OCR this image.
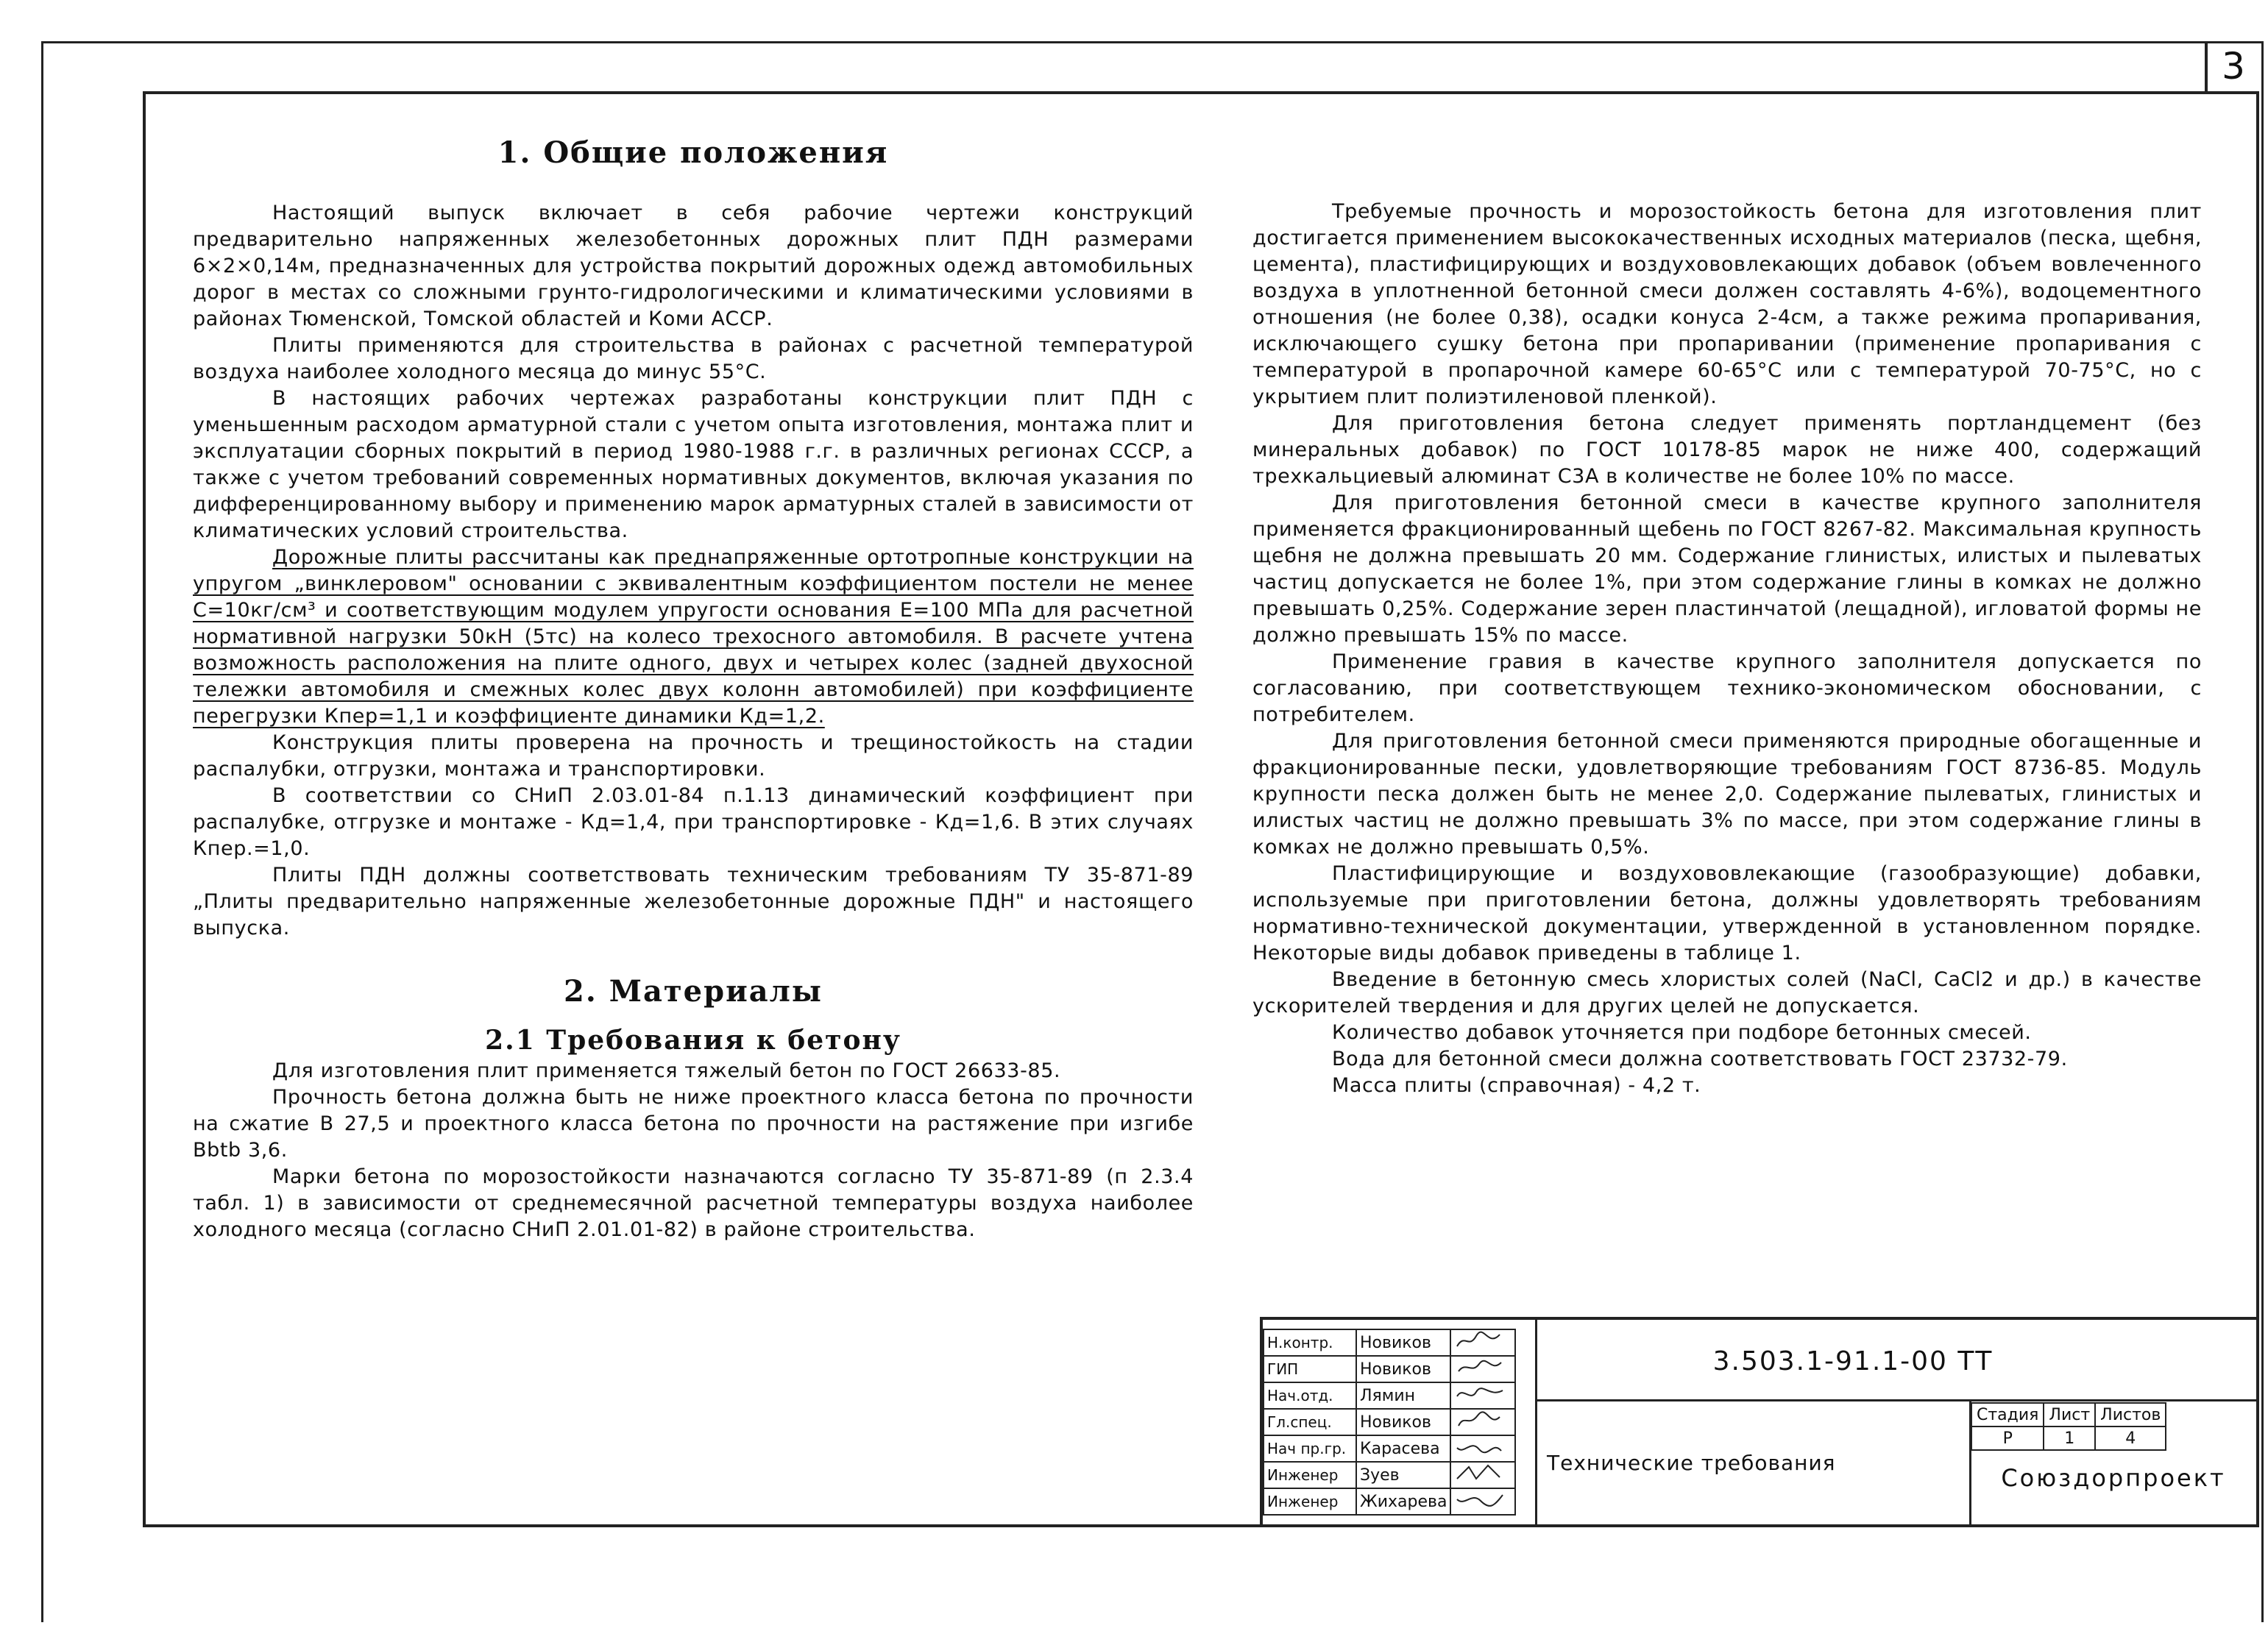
3
1. Общие положения

Настоящий выпуск включает в себя рабочие чертежи конструкций предварительно напряженных железобетонных дорожных плит ПДН размерами 6×2×0,14м, предназначенных для устройства покрытий дорожных одежд автомобильных дорог в местах со сложными грунто-гидрологическими и климатическими условиями в районах Тюменской, Томской областей и Коми АССР.

Плиты применяются для строительства в районах с расчетной температурой воздуха наиболее холодного месяца до минус 55°С.

В настоящих рабочих чертежах разработаны конструкции плит ПДН с уменьшенным расходом арматурной стали с учетом опыта изготовления, монтажа плит и эксплуатации сборных покрытий в период 1980-1988 г.г. в различных регионах СССР, а также с учетом требований современных нормативных документов, включая указания по дифференцированному выбору и применению марок арматурных сталей в зависимости от климатических условий строительства.

Дорожные плиты рассчитаны как преднапряженные ортотропные конструкции на упругом „винклеровом" основании с эквивалентным коэффициентом постели не менее С=10кг/см³ и соответствующим модулем упругости основания Е=100 МПа для расчетной нормативной нагрузки 50кН (5тс) на колесо трехосного автомобиля. В расчете учтена возможность расположения на плите одного, двух и четырех колес (задней двухосной тележки автомобиля и смежных колес двух колонн автомобилей) при коэффициенте перегрузки Кпер=1,1 и коэффициенте динамики Кд=1,2.

Конструкция плиты проверена на прочность и трещиностойкость на стадии распалубки, отгрузки, монтажа и транспортировки.

В соответствии со СНиП 2.03.01-84 п.1.13 динамический коэффициент при распалубке, отгрузке и монтаже - Кд=1,4, при транспортировке - Кд=1,6. В этих случаях Кпер.=1,0.

Плиты ПДН должны соответствовать техническим требованиям ТУ 35-871-89 „Плиты предварительно напряженные железобетонные дорожные ПДН" и настоящего выпуска.

2. Материалы
2.1 Требования к бетону

Для изготовления плит применяется тяжелый бетон по ГОСТ 26633-85.

Прочность бетона должна быть не ниже проектного класса бетона по прочности на сжатие В 27,5 и проектного класса бетона по прочности на растяжение при изгибе Вbtb 3,6.

Марки бетона по морозостойкости назначаются согласно ТУ 35-871-89 (п 2.3.4 табл. 1) в зависимости от среднемесячной расчетной температуры воздуха наиболее холодного месяца (согласно СНиП 2.01.01-82) в районе строительства.

Требуемые прочность и морозостойкость бетона для изготовления плит достигается применением высококачественных исходных материалов (песка, щебня, цемента), пластифицирующих и воздухововлекающих добавок (объем вовлеченного воздуха в уплотненной бетонной смеси должен составлять 4-6%), водоцементного отношения (не более 0,38), осадки конуса 2-4см, а также режима пропаривания, исключающего сушку бетона при пропаривании (применение пропаривания с температурой в пропарочной камере 60-65°С или с температурой 70-75°С, но с укрытием плит полиэтиленовой пленкой).

Для приготовления бетона следует применять портландцемент (без минеральных добавок) по ГОСТ 10178-85 марок не ниже 400, содержащий трехкальциевый алюминат С3А в количестве не более 10% по массе.

Для приготовления бетонной смеси в качестве крупного заполнителя применяется фракционированный щебень по ГОСТ 8267-82. Максимальная крупность щебня не должна превышать 20 мм. Содержание глинистых, илистых и пылеватых частиц допускается не более 1%, при этом содержание глины в комках не должно превышать 0,25%. Содержание зерен пластинчатой (лещадной), игловатой формы не должно превышать 15% по массе.

Применение гравия в качестве крупного заполнителя допускается по согласованию, при соответствующем технико-экономическом обосновании, с потребителем.

Для приготовления бетонной смеси применяются природные обогащенные и фракционированные пески, удовлетворяющие требованиям ГОСТ 8736-85. Модуль крупности песка должен быть не менее 2,0. Содержание пылеватых, глинистых и илистых частиц не должно превышать 3% по массе, при этом содержание глины в комках не должно превышать 0,5%.

Пластифицирующие и воздухововлекающие (газообразующие) добавки, используемые при приготовлении бетона, должны удовлетворять требованиям нормативно-технической документации, утвержденной в установленном порядке. Некоторые виды добавок приведены в таблице 1.

Введение в бетонную смесь хлористых солей (NaCl, CaCl2 и др.) в качестве ускорителей твердения и для других целей не допускается.

Количество добавок уточняется при подборе бетонных смесей.

Вода для бетонной смеси должна соответствовать ГОСТ 23732-79.

Масса плиты (справочная) - 4,2 т.

Н.контр.	Новиков	
ГИП	Новиков	
Нач.отд.	Лямин	
Гл.спец.	Новиков	
Нач пр.гр.	Карасева	
Инженер	Зуев	
Инженер	Жихарева	
3.503.1-91.1-00 ТТ
Технические требования
Стадия	Лист	Листов
Р	1	4
Союздорпроект
